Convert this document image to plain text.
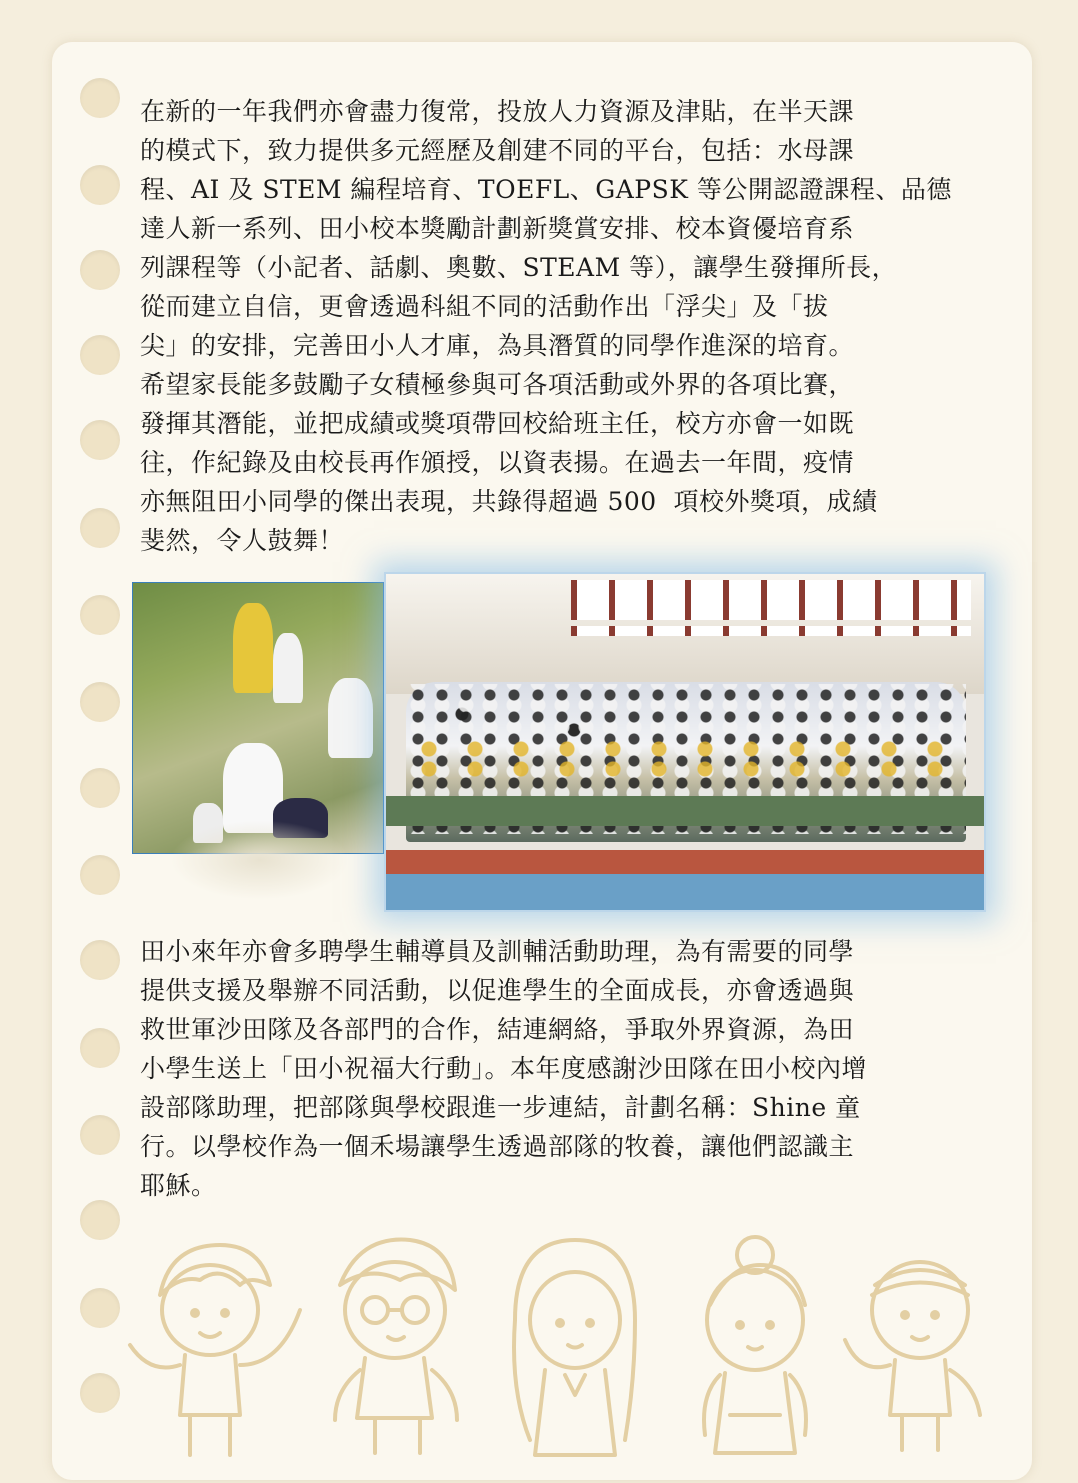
在新的一年我們亦會盡力復常，投放人力資源及津貼，在半天課
的模式下，致力提供多元經歷及創建不同的平台，包括：水母課
程、AI 及 STEM 編程培育、TOEFL、GAPSK 等公開認證課程、品德
達人新一系列、田小校本獎勵計劃新獎賞安排、校本資優培育系
列課程等（小記者、話劇、奧數、STEAM 等），讓學生發揮所長，
從而建立自信，更會透過科組不同的活動作出「浮尖」及「拔
尖」的安排，完善田小人才庫，為具潛質的同學作進深的培育。
希望家長能多鼓勵子女積極參與可各項活動或外界的各項比賽，
發揮其潛能，並把成績或獎項帶回校給班主任，校方亦會一如既
往，作紀錄及由校長再作頒授，以資表揚。在過去一年間，疫情
亦無阻田小同學的傑出表現，共錄得超過 500  項校外獎項，成績
斐然，令人鼓舞！
田小來年亦會多聘學生輔導員及訓輔活動助理，為有需要的同學
提供支援及舉辦不同活動，以促進學生的全面成長，亦會透過與
救世軍沙田隊及各部門的合作，結連網絡，爭取外界資源，為田
小學生送上「田小祝福大行動」。本年度感謝沙田隊在田小校內增
設部隊助理，把部隊與學校跟進一步連結，計劃名稱：Shine 童
行。以學校作為一個禾場讓學生透過部隊的牧養，讓他們認識主
耶穌。
